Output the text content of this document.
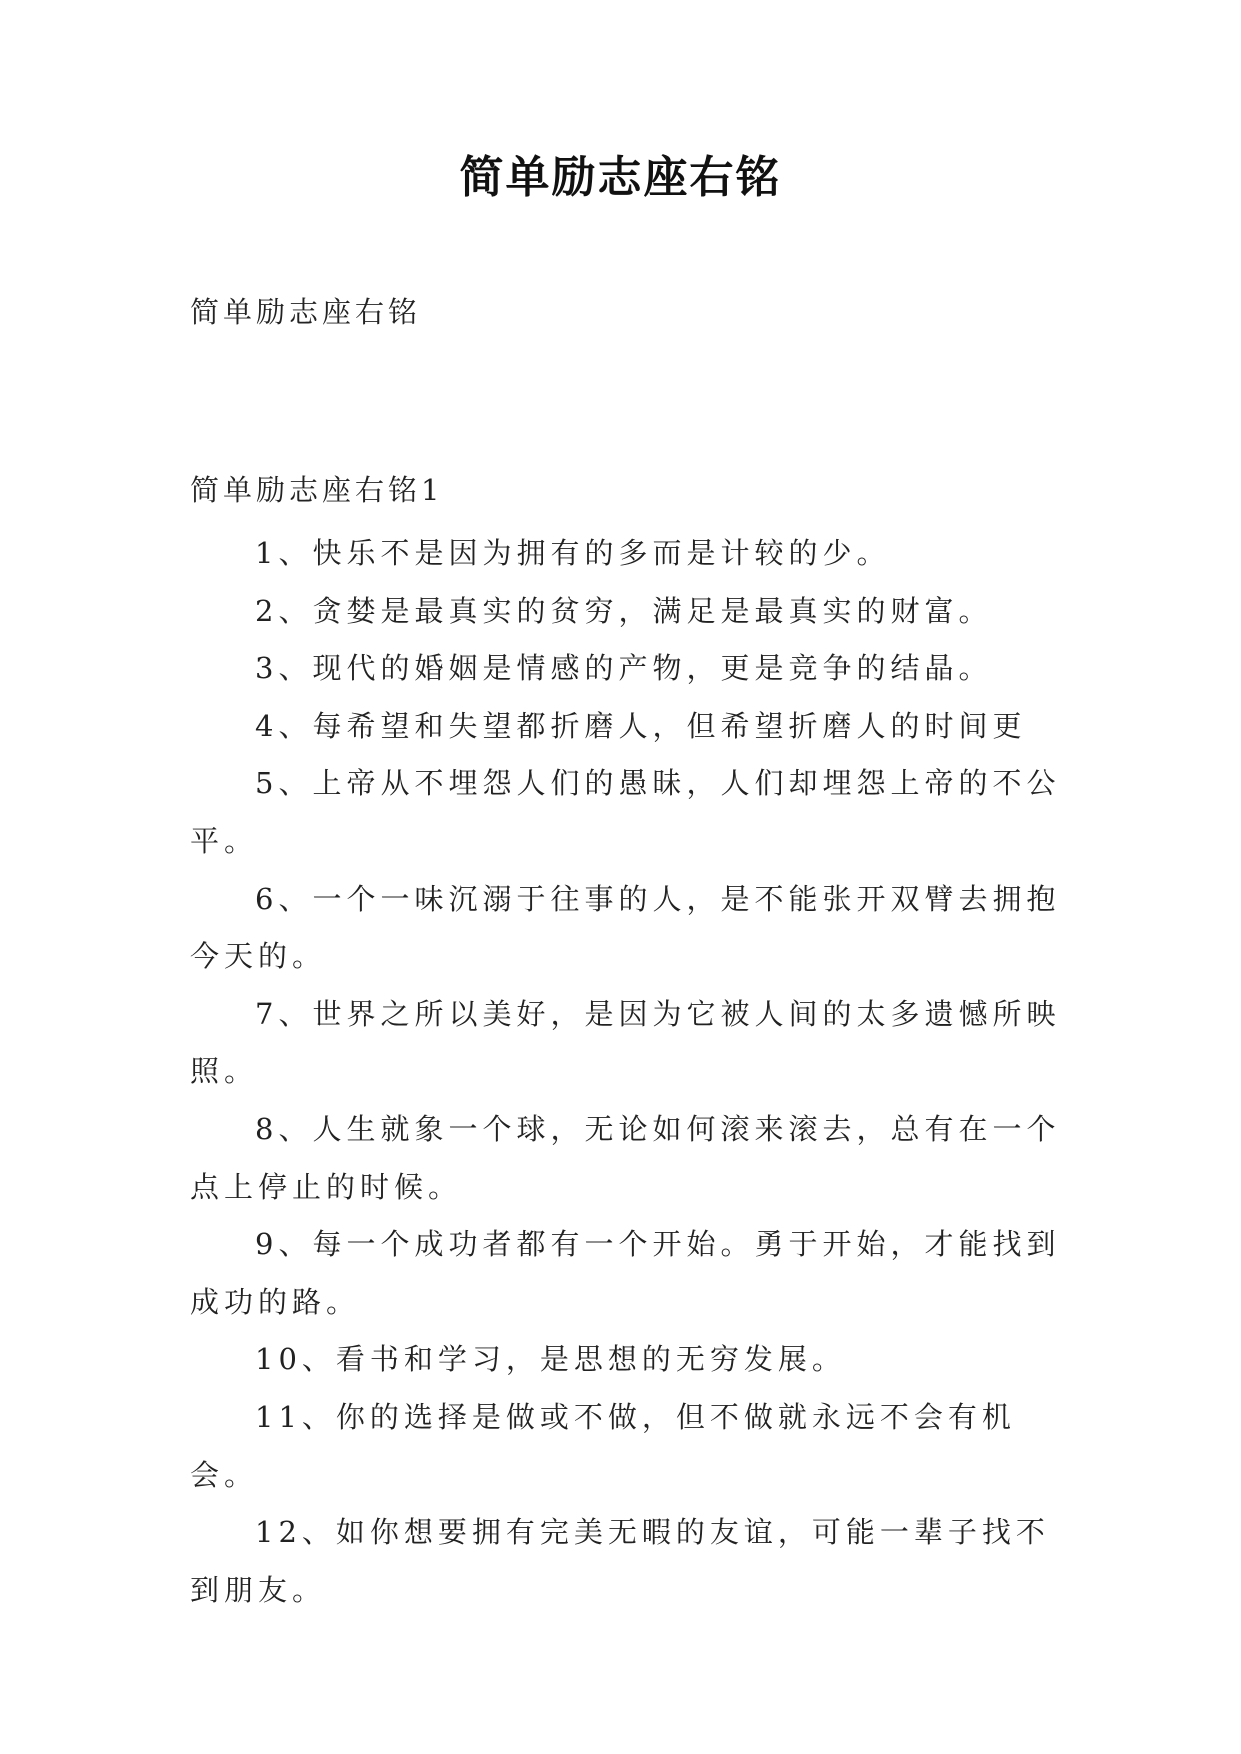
简单励志座右铭
简单励志座右铭
简单励志座右铭1
1、快乐不是因为拥有的多而是计较的少。
2、贪婪是最真实的贫穷，满足是最真实的财富。
3、现代的婚姻是情感的产物，更是竞争的结晶。
4、每希望和失望都折磨人，但希望折磨人的时间更
5、上帝从不埋怨人们的愚昧，人们却埋怨上帝的不公平。
6、一个一味沉溺于往事的人，是不能张开双臂去拥抱今天的。
7、世界之所以美好，是因为它被人间的太多遗憾所映照。
8、人生就象一个球，无论如何滚来滚去，总有在一个点上停止的时候。
9、每一个成功者都有一个开始。勇于开始，才能找到成功的路。
10、看书和学习，是思想的无穷发展。
11、你的选择是做或不做，但不做就永远不会有机会。
12、如你想要拥有完美无暇的友谊，可能一辈子找不到朋友。
